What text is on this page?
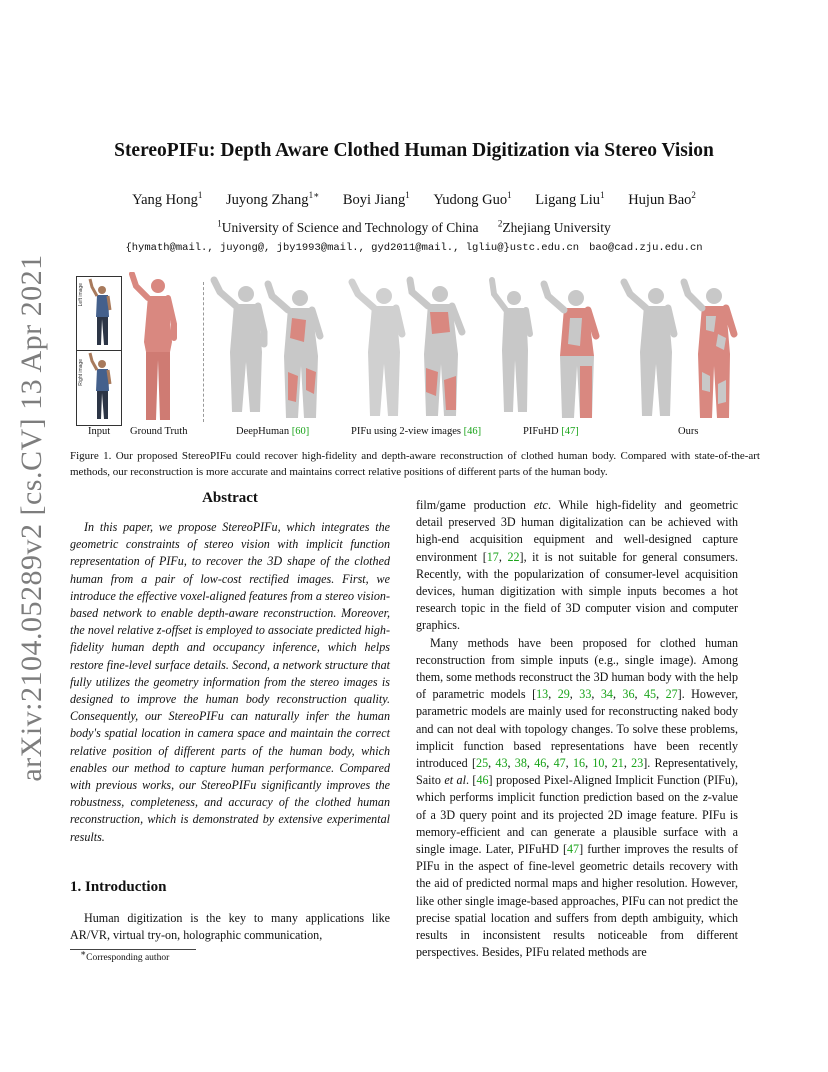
arXiv:2104.05289v2 [cs.CV] 13 Apr 2021
StereoPIFu: Depth Aware Clothed Human Digitization via Stereo Vision
Yang Hong$^1$ Juyong Zhang$^{1∗}$ Boyi Jiang$^1$ Yudong Guo$^1$ Ligang Liu$^1$ Hujun Bao$^2$
$^1$University of Science and Technology of China $^2$Zhejiang University
{hymath@mail., juyong@, jby1993@mail., gyd2011@mail., lgliu@}ustc.edu.cn bao@cad.zju.edu.cn
Left image
Right image
Input Ground Truth	DeepHuman [60]	PIFu using 2-view images [46]	PIFuHD [47]	Ours
Figure 1. Our proposed StereoPIFu could recover high-fidelity and depth-aware reconstruction of clothed human body. Compared with state-of-the-art methods, our reconstruction is more accurate and maintains correct relative positions of different parts of the human body.
Abstract
In this paper, we propose StereoPIFu, which integrates the geometric constraints of stereo vision with implicit function representation of PIFu, to recover the 3D shape of the clothed human from a pair of low-cost rectified images. First, we introduce the effective voxel-aligned features from a stereo vision-based network to enable depth-aware reconstruction. Moreover, the novel relative z-offset is employed to associate predicted high-fidelity human depth and occupancy inference, which helps restore fine-level surface details. Second, a network structure that fully utilizes the geometry information from the stereo images is designed to improve the human body reconstruction quality. Consequently, our StereoPIFu can naturally infer the human body's spatial location in camera space and maintain the correct relative position of different parts of the human body, which enables our method to capture human performance. Compared with previous works, our StereoPIFu significantly improves the robustness, completeness, and accuracy of the clothed human reconstruction, which is demonstrated by extensive experimental results.
1. Introduction

Human digitization is the key to many applications like AR/VR, virtual try-on, holographic communication,

∗Corresponding author

film/game production etc. While high-fidelity and geometric detail preserved 3D human digitalization can be achieved with high-end acquisition equipment and well-designed capture environment [17, 22], it is not suitable for general consumers. Recently, with the popularization of consumer-level acquisition devices, human digitization with simple inputs becomes a hot research topic in the field of 3D computer vision and computer graphics.

Many methods have been proposed for clothed human reconstruction from simple inputs (e.g., single image). Among them, some methods reconstruct the 3D human body with the help of parametric models [13, 29, 33, 34, 36, 45, 27]. However, parametric models are mainly used for reconstructing naked body and can not deal with topology changes. To solve these problems, implicit function based representations have been recently introduced [25, 43, 38, 46, 47, 16, 10, 21, 23]. Representatively, Saito et al. [46] proposed Pixel-Aligned Implicit Function (PIFu), which performs implicit function prediction based on the z-value of a 3D query point and its projected 2D image feature. PIFu is memory-efficient and can generate a plausible surface with a single image. Later, PIFuHD [47] further improves the results of PIFu in the aspect of fine-level geometric details recovery with the aid of predicted normal maps and higher resolution. However, like other single image-based approaches, PIFu can not predict the precise spatial location and suffers from depth ambiguity, which results in inconsistent results noticeable from different perspectives. Besides, PIFu related methods are
